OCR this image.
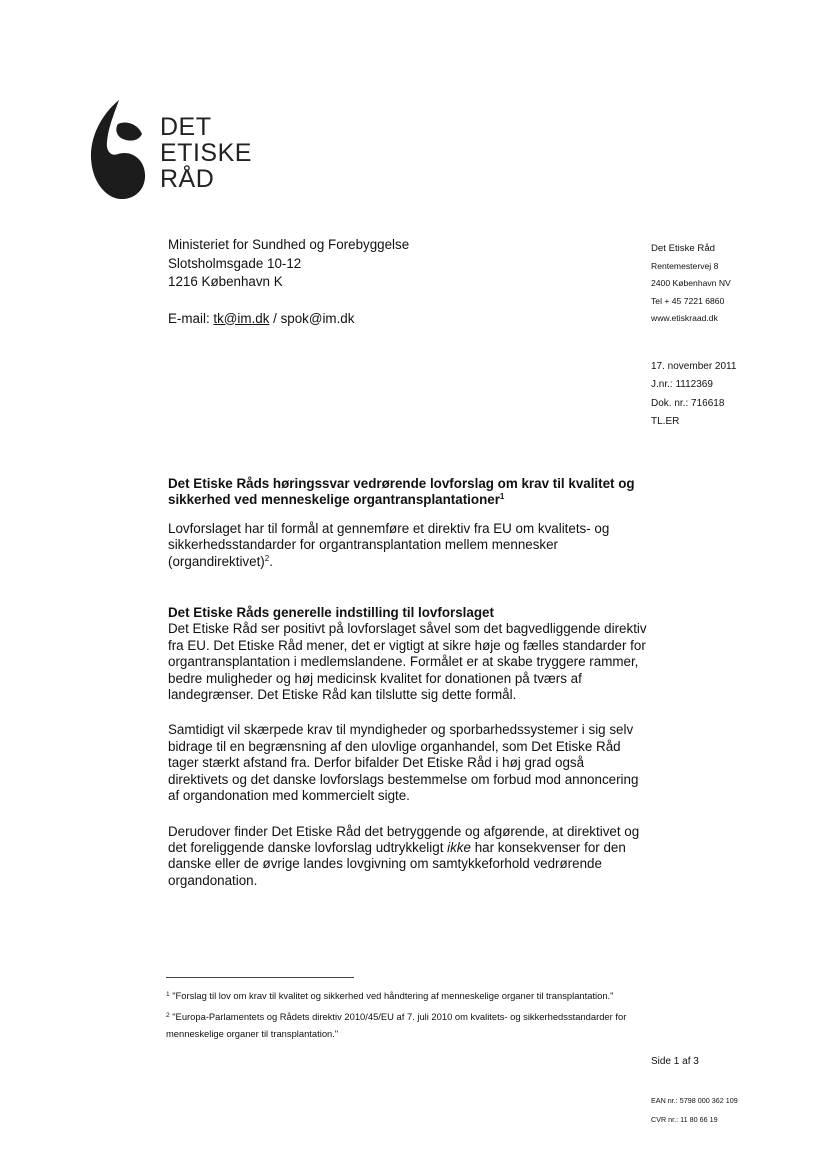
DET
ETISKE
RÅD
Ministeriet for Sundhed og Forebyggelse
Slotsholmsgade 10-12
1216 København K
E-mail: tk@im.dk / spok@im.dk
Det Etiske Råd
Rentemestervej 8
2400 København NV
Tel + 45 7221 6860
www.etiskraad.dk
17. november 2011
J.nr.: 1112369
Dok. nr.: 716618
TL.ER
Det Etiske Råds høringssvar vedrørende lovforslag om krav til kvalitet og sikkerhed ved menneskelige organtransplantationer$^1$

Lovforslaget har til formål at gennemføre et direktiv fra EU om kvalitets- og sikkerhedsstandarder for organtransplantation mellem mennesker (organdirektivet)$^2$.

Det Etiske Råds generelle indstilling til lovforslaget

Det Etiske Råd ser positivt på lovforslaget såvel som det bagvedliggende direktiv fra EU. Det Etiske Råd mener, det er vigtigt at sikre høje og fælles standarder for organtransplantation i medlemslandene. Formålet er at skabe tryggere rammer, bedre muligheder og høj medicinsk kvalitet for donationen på tværs af landegrænser. Det Etiske Råd kan tilslutte sig dette formål.

Samtidigt vil skærpede krav til myndigheder og sporbarhedssystemer i sig selv bidrage til en begrænsning af den ulovlige organhandel, som Det Etiske Råd tager stærkt afstand fra. Derfor bifalder Det Etiske Råd i høj grad også direktivets og det danske lovforslags bestemmelse om forbud mod annoncering af organdonation med kommercielt sigte.

Derudover finder Det Etiske Råd det betryggende og afgørende, at direktivet og det foreliggende danske lovforslag udtrykkeligt ikke har konsekvenser for den danske eller de øvrige landes lovgivning om samtykkeforhold vedrørende organdonation.

$^1$ "Forslag til lov om krav til kvalitet og sikkerhed ved håndtering af menneskelige organer til transplantation."

$^2$ "Europa-Parlamentets og Rådets direktiv 2010/45/EU af 7. juli 2010 om kvalitets- og sikkerhedsstandarder for menneskelige organer til transplantation."

Side 1 af 3
EAN nr.: 5798 000 362 109
CVR nr.: 11 80 66 19
